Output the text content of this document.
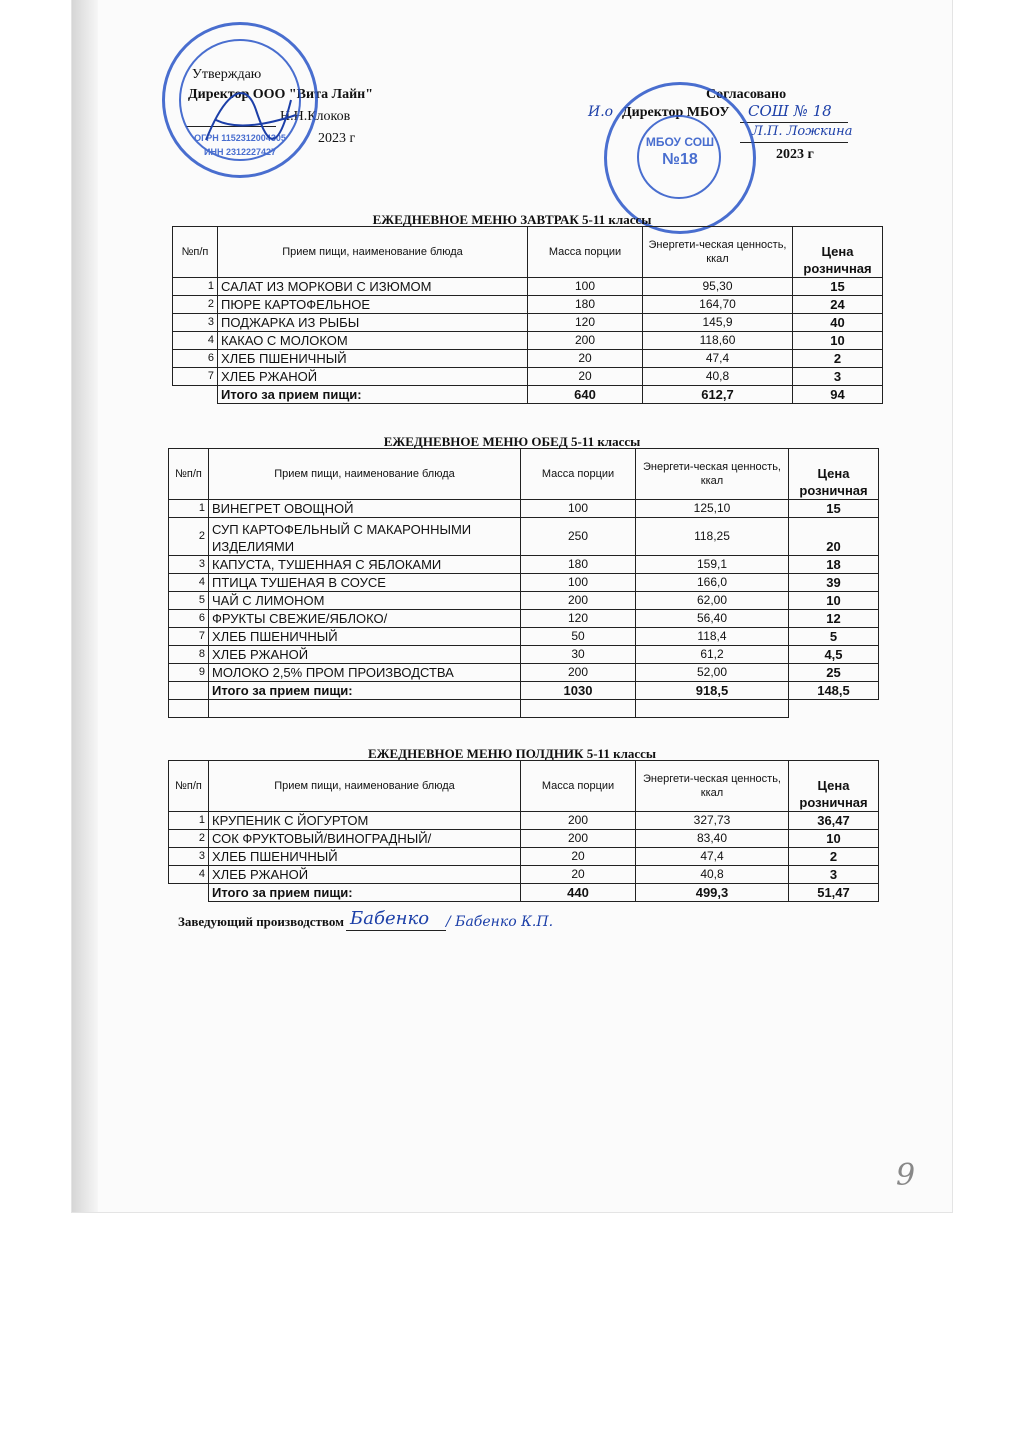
Утверждаю
Директор ООО "Вита Лайн"
Н.Н.Клоков
2023 г
ОГРН 1152312004305
ИНН 2312227427
Согласовано
И.о Директор МБОУ СОШ № 18
Л.П. Ложкина
2023 г
МБОУ СОШ
№18
ЕЖЕДНЕВНОЕ МЕНЮ ЗАВТРАК 5-11 классы
№п/п	Прием пищи, наименование блюда	Масса порции	Энергети-ческая ценность, ккал	Цена розничная
1	САЛАТ ИЗ МОРКОВИ С ИЗЮМОМ	100	95,30	15
2	ПЮРЕ КАРТОФЕЛЬНОЕ	180	164,70	24
3	ПОДЖАРКА ИЗ РЫБЫ	120	145,9	40
4	КАКАО С МОЛОКОМ	200	118,60	10
6	ХЛЕБ ПШЕНИЧНЫЙ	20	47,4	2
7	ХЛЕБ РЖАНОЙ	20	40,8	3
	Итого за прием пищи:	640	612,7	94
ЕЖЕДНЕВНОЕ МЕНЮ ОБЕД 5-11 классы
№п/п	Прием пищи, наименование блюда	Масса порции	Энергети-ческая ценность, ккал	Цена розничная
1	ВИНЕГРЕТ ОВОЩНОЙ	100	125,10	15
2	СУП КАРТОФЕЛЬНЫЙ С МАКАРОННЫМИ ИЗДЕЛИЯМИ	250	118,25	20
3	КАПУСТА, ТУШЕННАЯ С ЯБЛОКАМИ	180	159,1	18
4	ПТИЦА ТУШЕНАЯ В СОУСЕ	100	166,0	39
5	ЧАЙ С ЛИМОНОМ	200	62,00	10
6	ФРУКТЫ СВЕЖИЕ/ЯБЛОКО/	120	56,40	12
7	ХЛЕБ ПШЕНИЧНЫЙ	50	118,4	5
8	ХЛЕБ РЖАНОЙ	30	61,2	4,5
9	МОЛОКО 2,5% ПРОМ ПРОИЗВОДСТВА	200	52,00	25
	Итого за прием пищи:	1030	918,5	148,5

ЕЖЕДНЕВНОЕ МЕНЮ ПОЛДНИК 5-11 классы
№п/п	Прием пищи, наименование блюда	Масса порции	Энергети-ческая ценность, ккал	Цена розничная
1	КРУПЕНИК С ЙОГУРТОМ	200	327,73	36,47
2	СОК ФРУКТОВЫЙ/ВИНОГРАДНЫЙ/	200	83,40	10
3	ХЛЕБ ПШЕНИЧНЫЙ	20	47,4	2
4	ХЛЕБ РЖАНОЙ	20	40,8	3
	Итого за прием пищи:	440	499,3	51,47
Заведующий производством Бабенко / Бабенко К.П.
9
